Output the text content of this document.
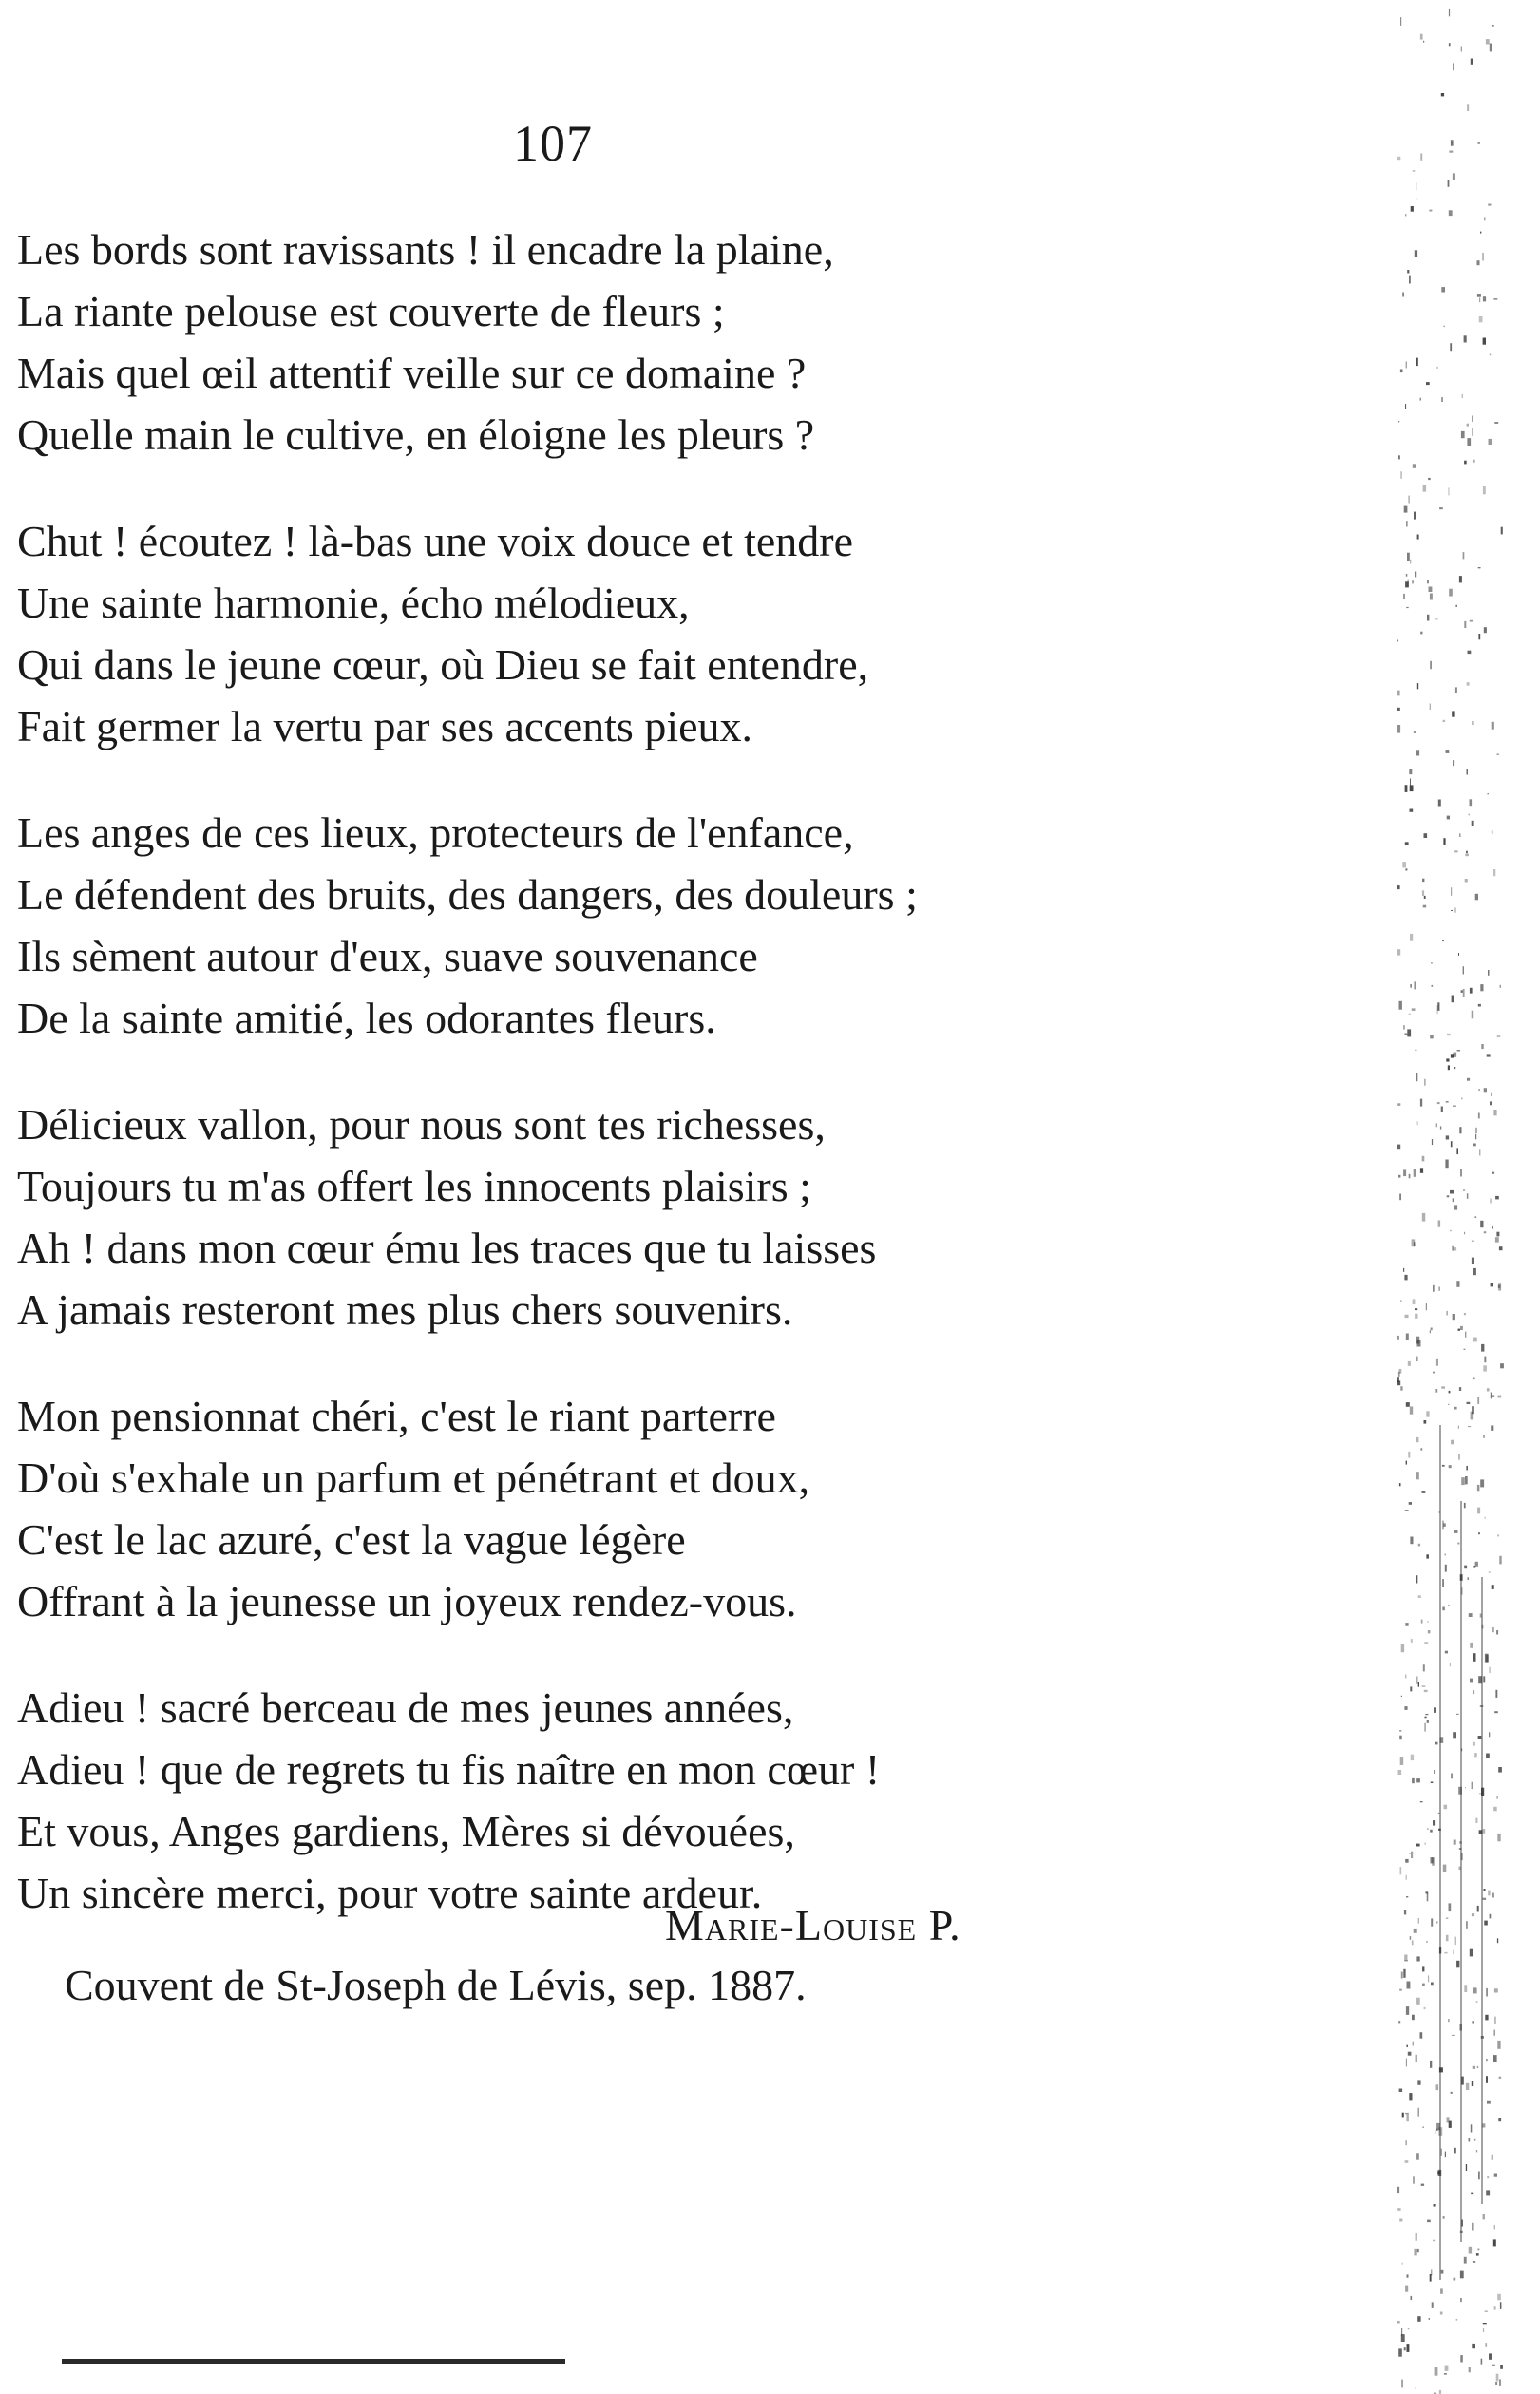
107
Les bords sont ravissants ! il encadre la plaine,
La riante pelouse est couverte de fleurs ;
Mais quel œil attentif veille sur ce domaine ?
Quelle main le cultive, en éloigne les pleurs ?
Chut ! écoutez ! là-bas une voix douce et tendre
Une sainte harmonie, écho mélodieux,
Qui dans le jeune cœur, où Dieu se fait entendre,
Fait germer la vertu par ses accents pieux.
Les anges de ces lieux, protecteurs de l'enfance,
Le défendent des bruits, des dangers, des douleurs ;
Ils sèment autour d'eux, suave souvenance
De la sainte amitié, les odorantes fleurs.
Délicieux vallon, pour nous sont tes richesses,
Toujours tu m'as offert les innocents plaisirs ;
Ah ! dans mon cœur ému les traces que tu laisses
A jamais resteront mes plus chers souvenirs.
Mon pensionnat chéri, c'est le riant parterre
D'où s'exhale un parfum et pénétrant et doux,
C'est le lac azuré, c'est la vague légère
Offrant à la jeunesse un joyeux rendez-vous.
Adieu ! sacré berceau de mes jeunes années,
Adieu ! que de regrets tu fis naître en mon cœur !
Et vous, Anges gardiens, Mères si dévouées,
Un sincère merci, pour votre sainte ardeur.
Marie-Louise P.
Couvent de St-Joseph de Lévis, sep. 1887.
